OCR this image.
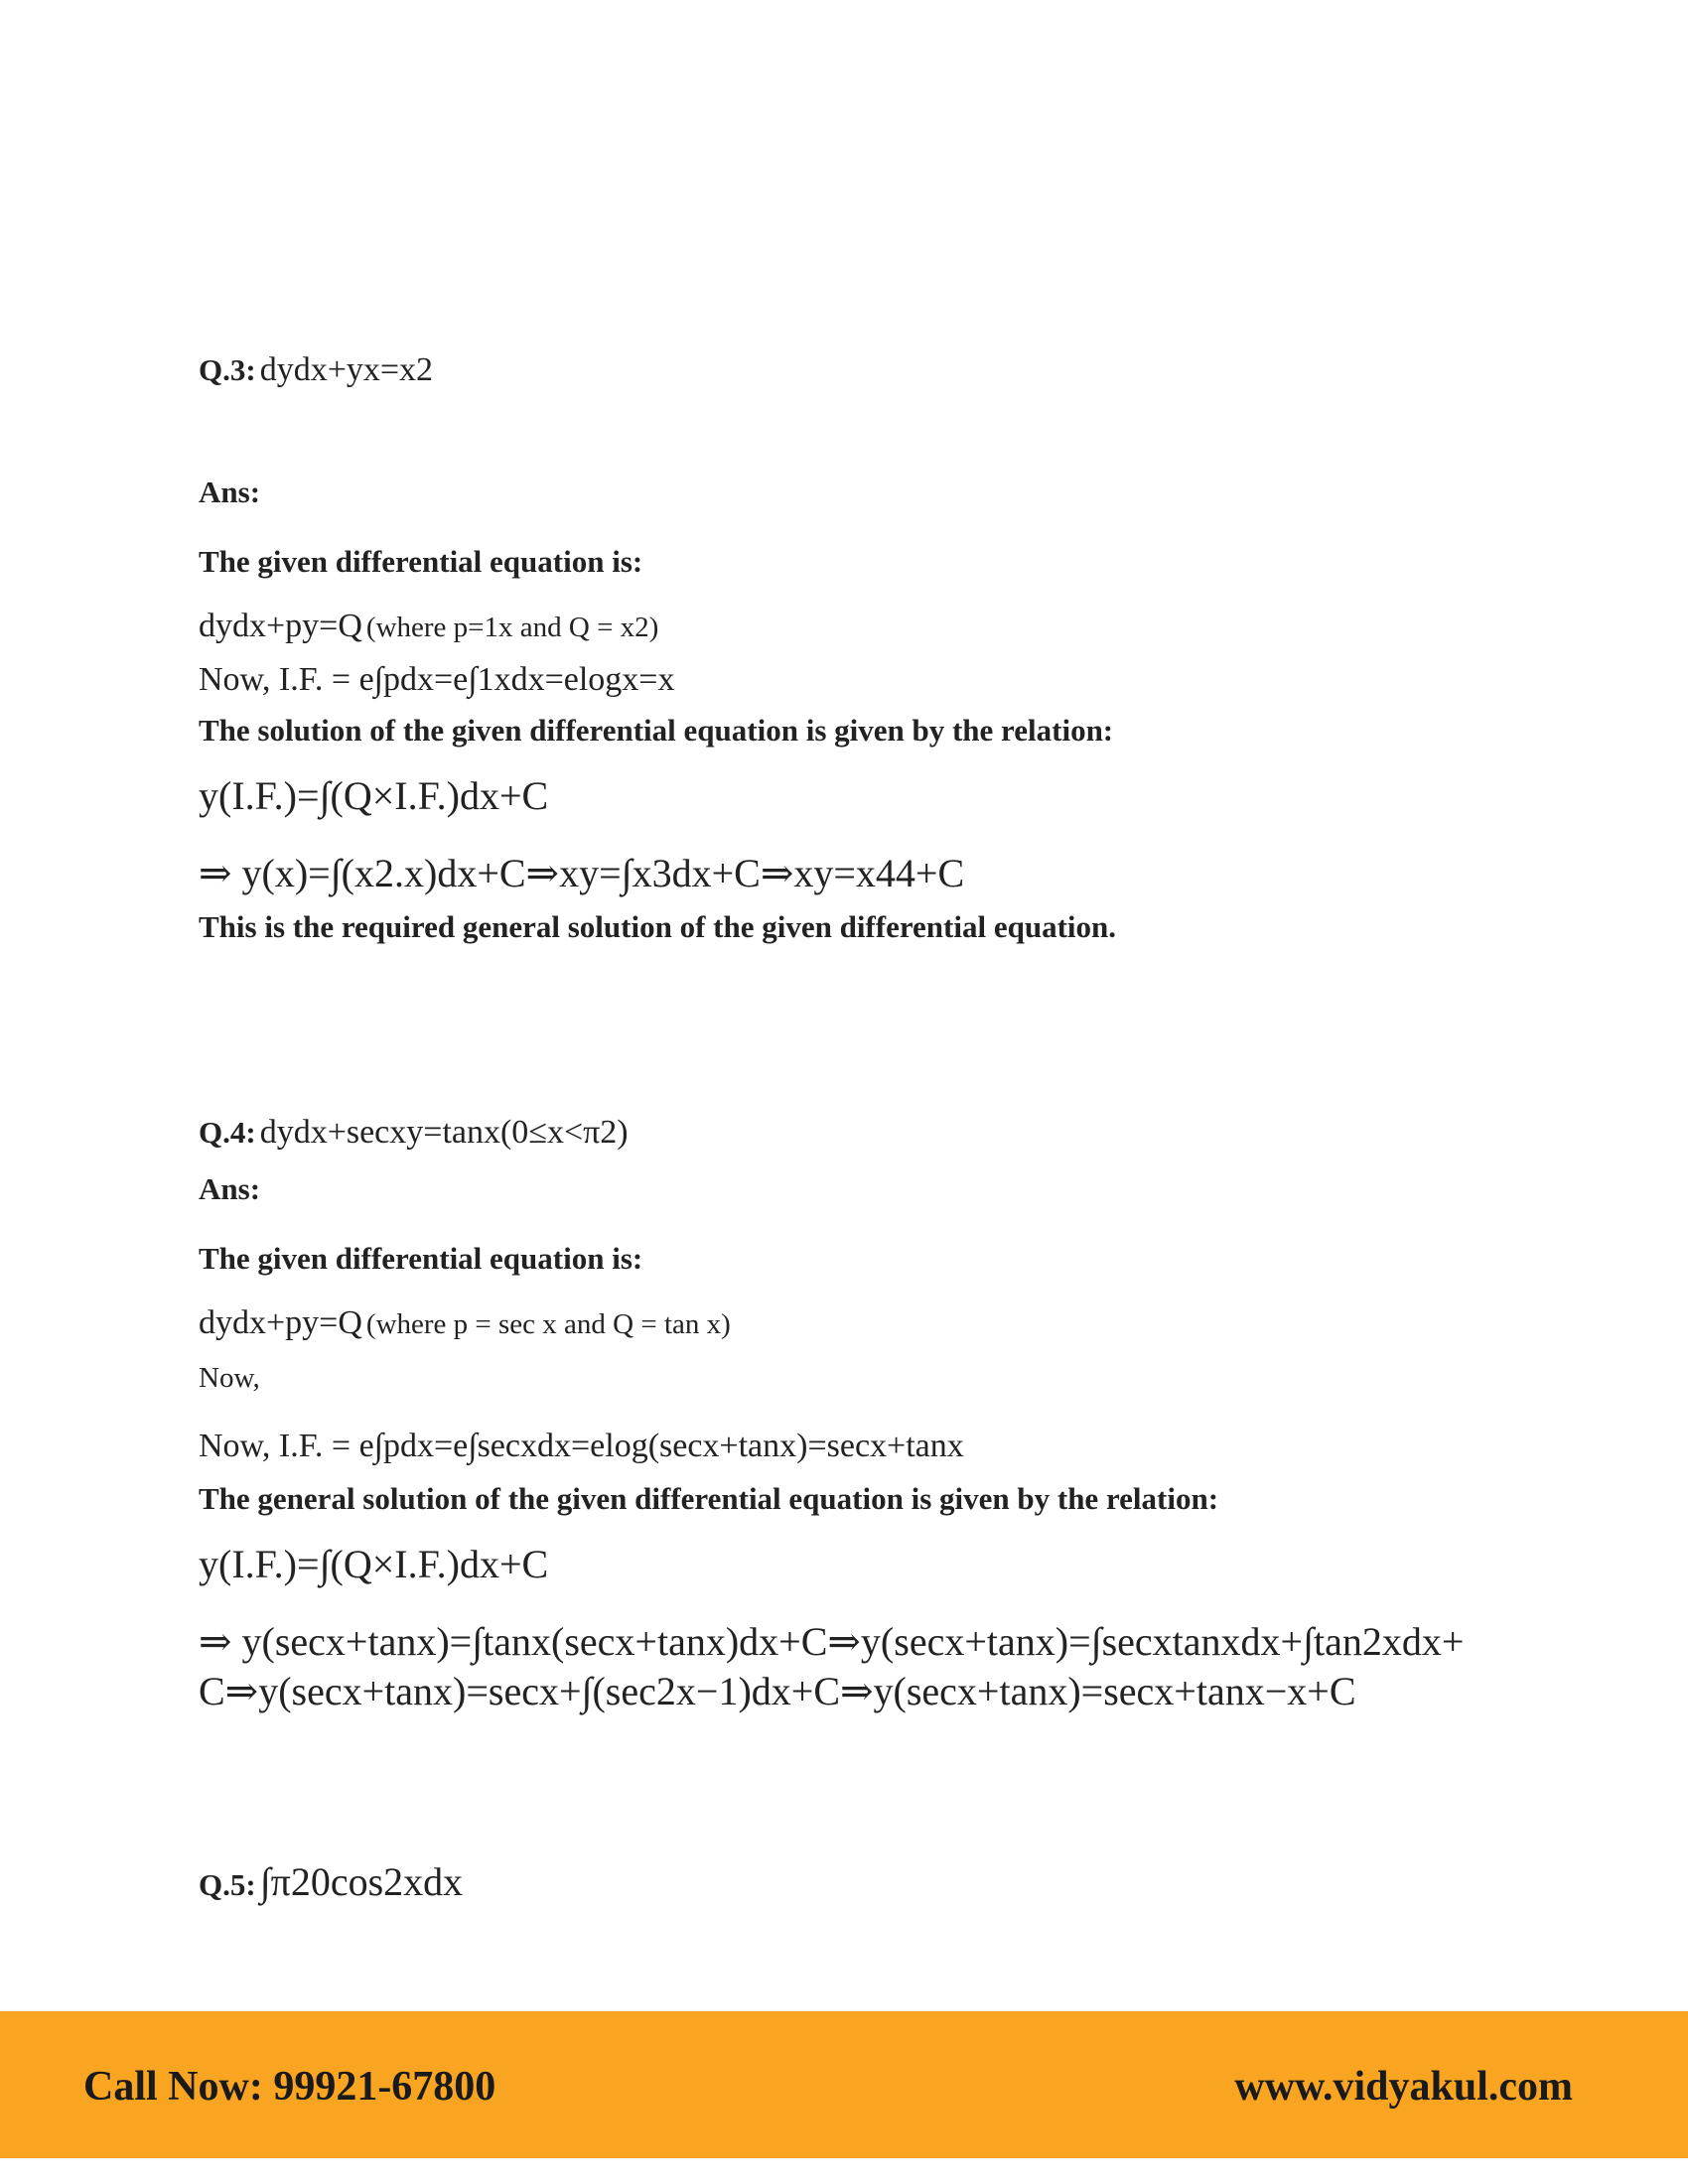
Q.3: dydx+yx=x2
Ans:
The given differential equation is:
dydx+py=Q (where p=1x and Q = x2)
Now, I.F. = e∫pdx=e∫1xdx=elogx=x
The solution of the given differential equation is given by the relation:
y(I.F.)=∫(Q×I.F.)dx+C
⇒ y(x)=∫(x2.x)dx+C⇒xy=∫x3dx+C⇒xy=x44+C
This is the required general solution of the given differential equation.
Q.4: dydx+secxy=tanx(0≤x<π2)
Ans:
The given differential equation is:
dydx+py=Q (where p = sec x and Q = tan x)
Now,
Now, I.F. = e∫pdx=e∫secxdx=elog(secx+tanx)=secx+tanx
The general solution of the given differential equation is given by the relation:
y(I.F.)=∫(Q×I.F.)dx+C
⇒ y(secx+tanx)=∫tanx(secx+tanx)dx+C⇒y(secx+tanx)=∫secxtanxdx+∫tan2xdx+
C⇒y(secx+tanx)=secx+∫(sec2x−1)dx+C⇒y(secx+tanx)=secx+tanx−x+C
Q.5: ∫π20cos2xdx
Call Now: 99921-67800	www.vidyakul.com
